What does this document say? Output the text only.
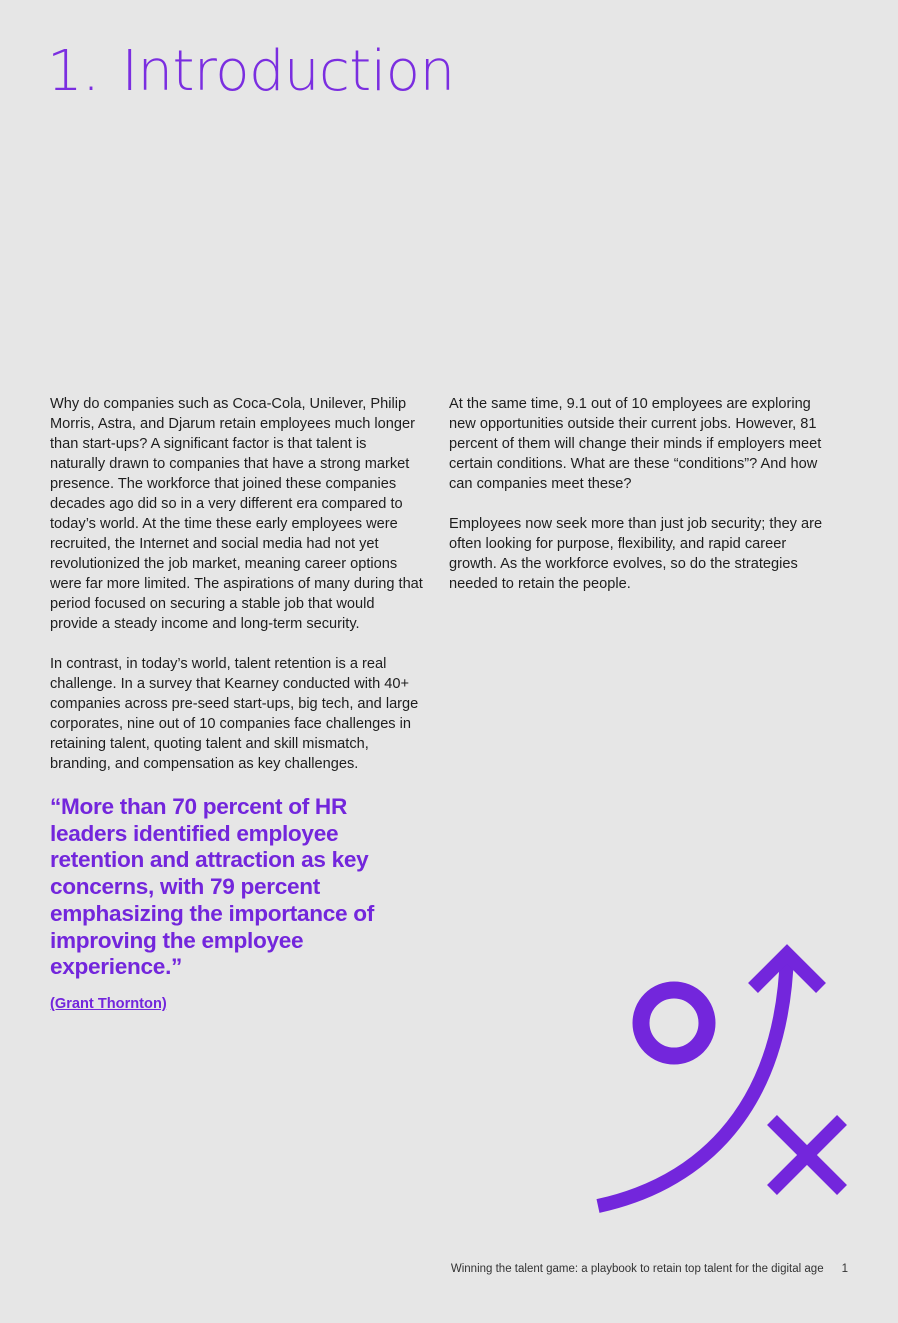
1. Introduction

Why do companies such as Coca-Cola, Unilever, Philip Morris, Astra, and Djarum retain employees much longer than start-ups? A significant factor is that talent is naturally drawn to companies that have a strong market presence. The workforce that joined these companies decades ago did so in a very different era compared to today’s world. At the time these early employees were recruited, the Internet and social media had not yet revolutionized the job market, meaning career options were far more limited. The aspirations of many during that period focused on securing a stable job that would provide a steady income and long-term security.

In contrast, in today’s world, talent retention is a real challenge. In a survey that Kearney conducted with 40+ companies across pre-seed start-ups, big tech, and large corporates, nine out of 10 companies face challenges in retaining talent, quoting talent and skill mismatch, branding, and compensation as key challenges.

“More than 70 percent of HR leaders identified employee retention and attraction as key concerns, with 79 percent emphasizing the importance of improving the employee experience.”
(Grant Thornton)

At the same time, 9.1 out of 10 employees are exploring new opportunities outside their current jobs. However, 81 percent of them will change their minds if employers meet certain conditions. What are these “conditions”? And how can companies meet these?

Employees now seek more than just job security; they are often looking for purpose, flexibility, and rapid career growth. As the workforce evolves, so do the strategies needed to retain the people.

Winning the talent game: a playbook to retain top talent for the digital age 1
